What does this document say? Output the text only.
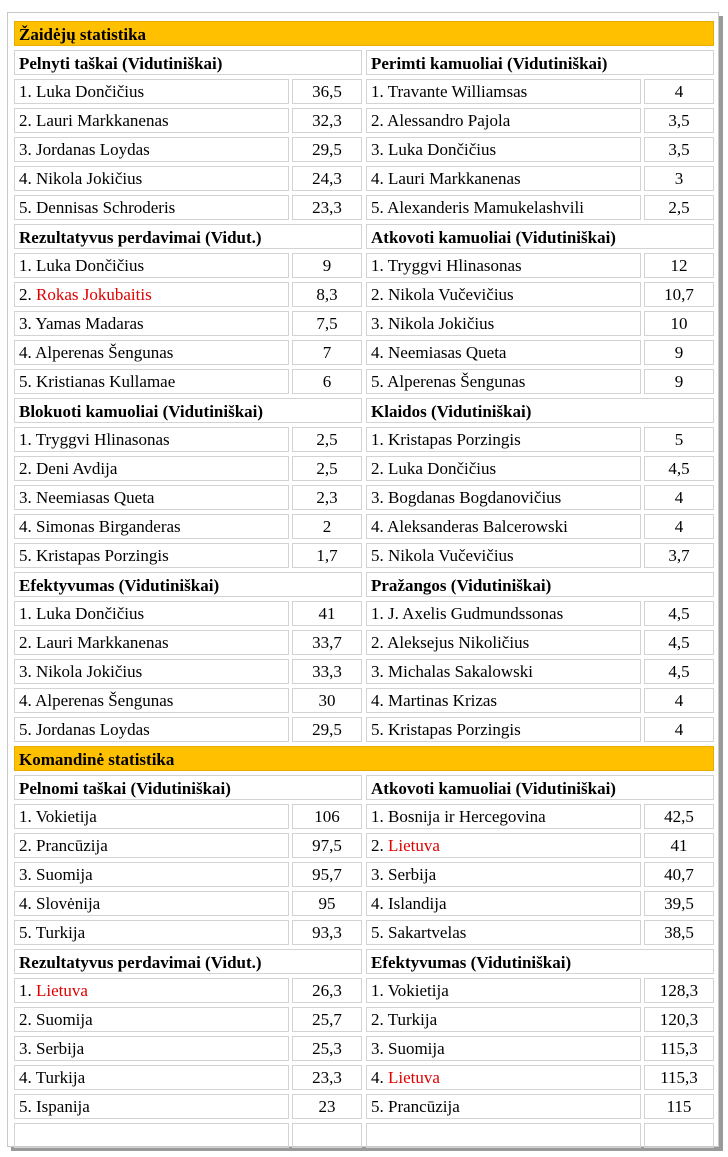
Žaidėjų statistika
Pelnyti taškai (Vidutiniškai)
1. Luka Dončičius	36,5
2. Lauri Markkanenas	32,3
3. Jordanas Loydas	29,5
4. Nikola Jokičius	24,3
5. Dennisas Schroderis	23,3
Perimti kamuoliai (Vidutiniškai)
1. Travante Williamsas	4
2. Alessandro Pajola	3,5
3. Luka Dončičius	3,5
4. Lauri Markkanenas	3
5. Alexanderis Mamukelashvili	2,5
Rezultatyvus perdavimai (Vidut.)
1. Luka Dončičius	9
2. Rokas Jokubaitis	8,3
3. Yamas Madaras	7,5
4. Alperenas Šengunas	7
5. Kristianas Kullamae	6
Atkovoti kamuoliai (Vidutiniškai)
1. Tryggvi Hlinasonas	12
2. Nikola Vučevičius	10,7
3. Nikola Jokičius	10
4. Neemiasas Queta	9
5. Alperenas Šengunas	9
Blokuoti kamuoliai (Vidutiniškai)
1. Tryggvi Hlinasonas	2,5
2. Deni Avdija	2,5
3. Neemiasas Queta	2,3
4. Simonas Birganderas	2
5. Kristapas Porzingis	1,7
Klaidos (Vidutiniškai)
1. Kristapas Porzingis	5
2. Luka Dončičius	4,5
3. Bogdanas Bogdanovičius	4
4. Aleksanderas Balcerowski	4
5. Nikola Vučevičius	3,7
Efektyvumas (Vidutiniškai)
1. Luka Dončičius	41
2. Lauri Markkanenas	33,7
3. Nikola Jokičius	33,3
4. Alperenas Šengunas	30
5. Jordanas Loydas	29,5
Pražangos (Vidutiniškai)
1. J. Axelis Gudmundssonas	4,5
2. Aleksejus Nikoličius	4,5
3. Michalas Sakalowski	4,5
4. Martinas Krizas	4
5. Kristapas Porzingis	4
Komandinė statistika
Pelnomi taškai (Vidutiniškai)
1. Vokietija	106
2. Prancūzija	97,5
3. Suomija	95,7
4. Slovėnija	95
5. Turkija	93,3
Atkovoti kamuoliai (Vidutiniškai)
1. Bosnija ir Hercegovina	42,5
2. Lietuva	41
3. Serbija	40,7
4. Islandija	39,5
5. Sakartvelas	38,5
Rezultatyvus perdavimai (Vidut.)
1. Lietuva	26,3
2. Suomija	25,7
3. Serbija	25,3
4. Turkija	23,3
5. Ispanija	23
Efektyvumas (Vidutiniškai)
1. Vokietija	128,3
2. Turkija	120,3
3. Suomija	115,3
4. Lietuva	115,3
5. Prancūzija	115
